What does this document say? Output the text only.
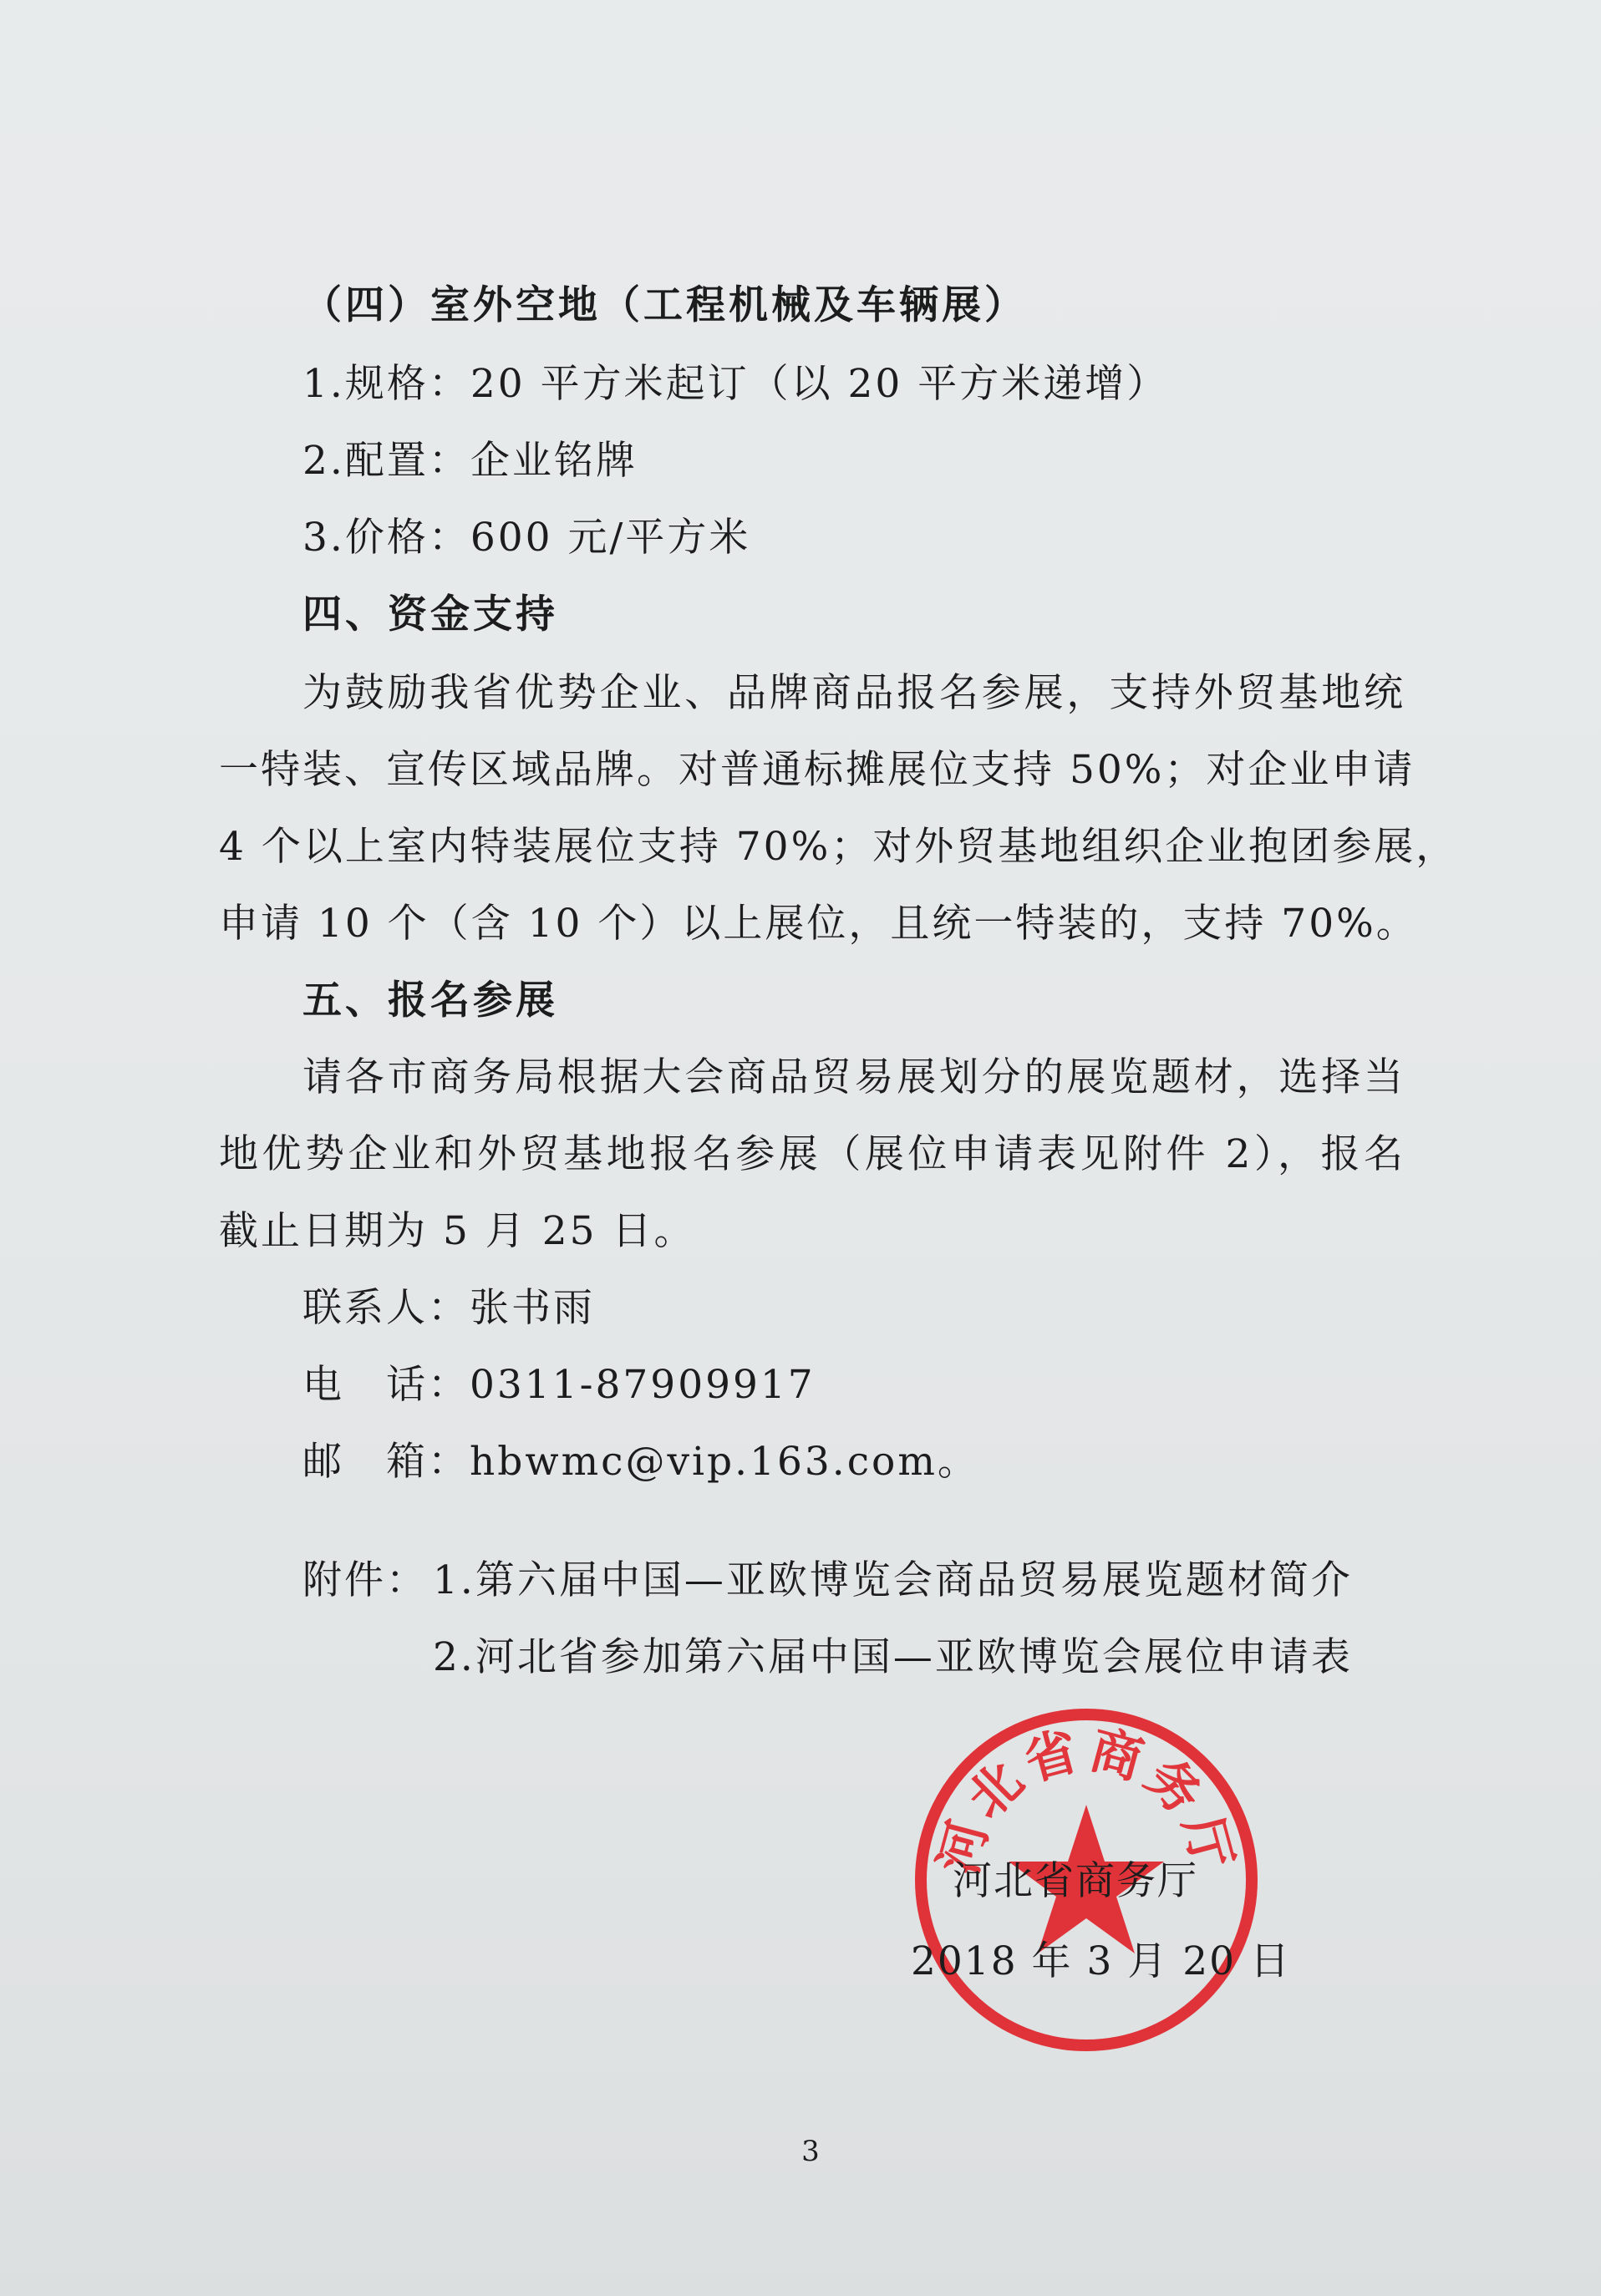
（四）室外空地（工程机械及车辆展）
1.规格：20 平方米起订（以 20 平方米递增）
2.配置：企业铭牌
3.价格：600 元/平方米
四、资金支持
为鼓励我省优势企业、品牌商品报名参展，支持外贸基地统
一特装、宣传区域品牌。对普通标摊展位支持 50%；对企业申请
4 个以上室内特装展位支持 70%；对外贸基地组织企业抱团参展，
申请 10 个（含 10 个）以上展位，且统一特装的，支持 70%。
五、报名参展
请各市商务局根据大会商品贸易展划分的展览题材，选择当
地优势企业和外贸基地报名参展（展位申请表见附件 2），报名
截止日期为 5 月 25 日。
联系人：张书雨
电　话：0311-87909917
邮　箱：hbwmc@vip.163.com。
附件： 1.第六届中国—亚欧博览会商品贸易展览题材简介
2.河北省参加第六届中国—亚欧博览会展位申请表
河北省商务厅
河北省商务厅
2018 年 3 月 20 日
3
